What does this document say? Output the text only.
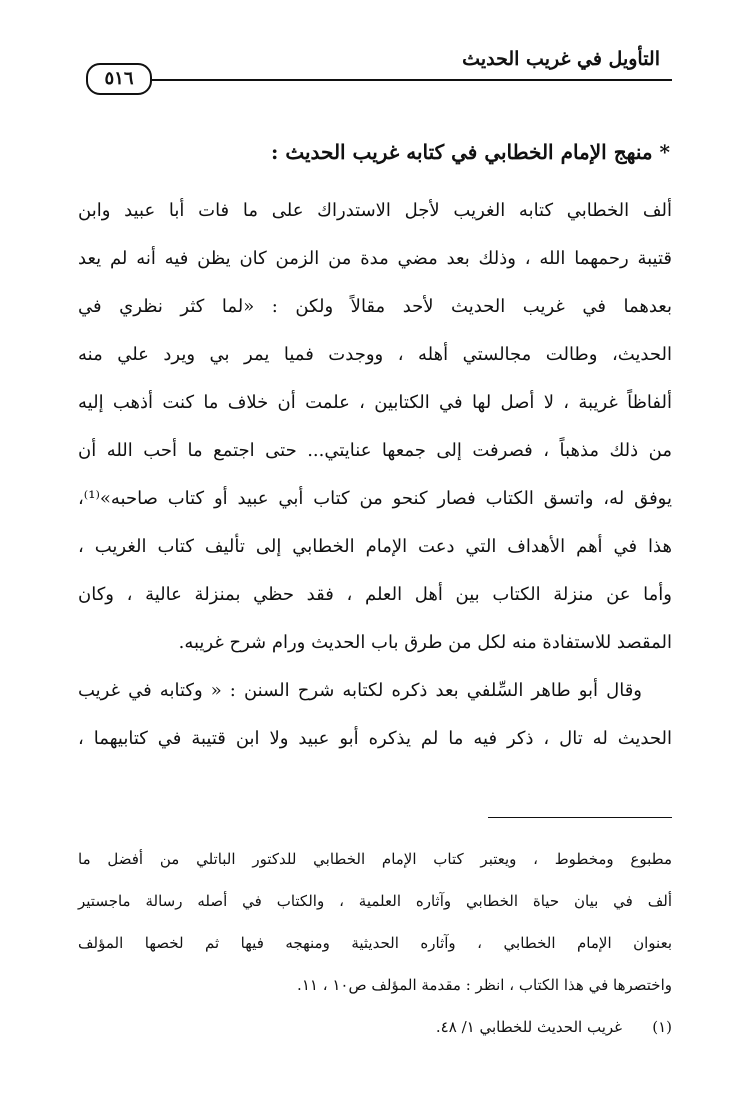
التأويل في غريب الحديث
٥١٦
* منهج الإمام الخطابي في كتابه غريب الحديث :
ألف الخطابي كتابه الغريب لأجل الاستدراك على ما فات أبا عبيد وابن
قتيبة رحمهما الله ، وذلك بعد مضي مدة من الزمن كان يظن فيه أنه لم يعد
بعدهما في غريب الحديث لأحد مقالاً ولكن : «لما كثر نظري في
الحديث، وطالت مجالستي أهله ، ووجدت فميا يمر بي ويرد علي منه
ألفاظاً غريبة ، لا أصل لها في الكتابين ، علمت أن خلاف ما كنت أذهب إليه
من ذلك مذهباً ، فصرفت إلى جمعها عنايتي... حتى اجتمع ما أحب الله أن
يوفق له، واتسق الكتاب فصار كنحو من كتاب أبي عبيد أو كتاب صاحبه»⁽¹⁾،
هذا في أهم الأهداف التي دعت الإمام الخطابي إلى تأليف كتاب الغريب ،
وأما عن منزلة الكتاب بين أهل العلم ، فقد حظي بمنزلة عالية ، وكان
المقصد للاستفادة منه لكل من طرق باب الحديث ورام شرح غريبه.
وقال أبو طاهر السِّلفي بعد ذكره لكتابه شرح السنن : « وكتابه في غريب
الحديث له تال ، ذكر فيه ما لم يذكره أبو عبيد ولا ابن قتيبة في كتابيهما ،
مطبوع ومخطوط ، ويعتبر كتاب الإمام الخطابي للدكتور الباتلي من أفضل ما
ألف في بيان حياة الخطابي وآثاره العلمية ، والكتاب في أصله رسالة ماجستير
بعنوان الإمام الخطابي ، وآثاره الحديثية ومنهجه فيها ثم لخصها المؤلف
واختصرها في هذا الكتاب ، انظر : مقدمة المؤلف ص١٠ ، ١١.
(١)
غريب الحديث للخطابي ١/ ٤٨.
